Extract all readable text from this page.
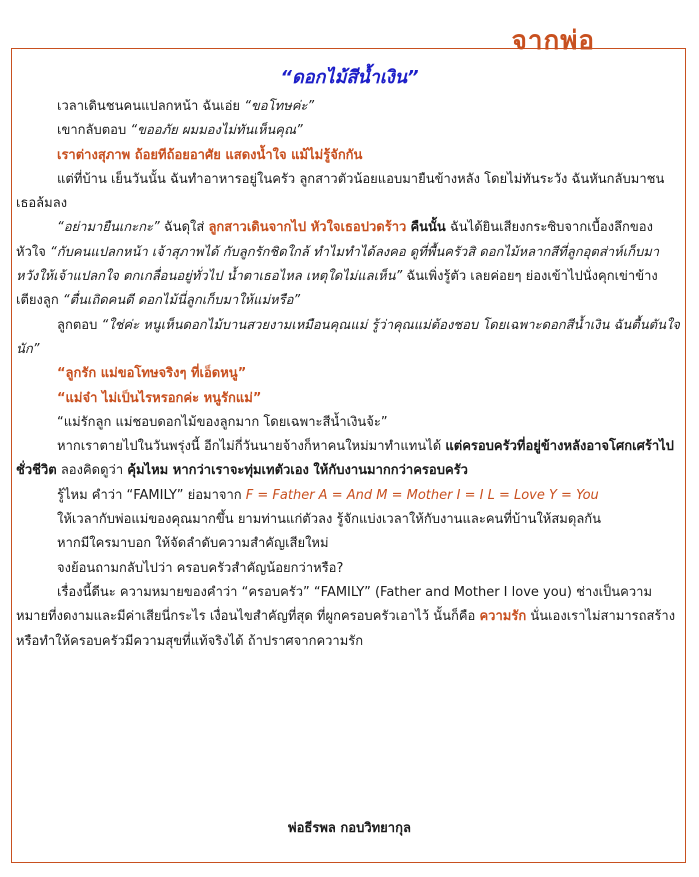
จากพ่อ
“ดอกไม้สีน้ำเงิน”

เวลาเดินชนคนแปลกหน้า ฉันเอ่ย “ขอโทษค่ะ”

เขากลับตอบ “ขออภัย ผมมองไม่ทันเห็นคุณ”

เราต่างสุภาพ ถ้อยทีถ้อยอาศัย แสดงน้ำใจ แม้ไม่รู้จักกัน

แต่ที่บ้าน เย็นวันนั้น ฉันทำอาหารอยู่ในครัว ลูกสาวตัวน้อยแอบมายืนข้างหลัง โดยไม่ทันระวัง ฉันหันกลับมาชนเธอล้มลง

“อย่ามายืนเกะกะ” ฉันดุใส่ ลูกสาวเดินจากไป หัวใจเธอปวดร้าว คืนนั้น ฉันได้ยินเสียงกระซิบจากเบื้องลึกของหัวใจ “กับคนแปลกหน้า เจ้าสุภาพได้ กับลูกรักชิดใกล้ ทำไมทำได้ลงคอ ดูที่พื้นครัวสิ ดอกไม้หลากสีที่ลูกอุตส่าห์เก็บมา หวังให้เจ้าแปลกใจ ตกเกลื่อนอยู่ทั่วไป น้ำตาเธอไหล เหตุใดไม่แลเห็น” ฉันเพิ่งรู้ตัว เลยค่อยๆ ย่องเข้าไปนั่งคุกเข่าข้างเตียงลูก “ตื่นเถิดคนดี ดอกไม้นี่ลูกเก็บมาให้แม่หรือ”

ลูกตอบ “ใช่ค่ะ หนูเห็นดอกไม้บานสวยงามเหมือนคุณแม่ รู้ว่าคุณแม่ต้องชอบ โดยเฉพาะดอกสีน้ำเงิน ฉันตื้นตันใจนัก”

“ลูกรัก แม่ขอโทษจริงๆ ที่เอ็ดหนู”

“แม่จ๋า ไม่เป็นไรหรอกค่ะ หนูรักแม่”

“แม่รักลูก แม่ชอบดอกไม้ของลูกมาก โดยเฉพาะสีน้ำเงินจ้ะ”

หากเราตายไปในวันพรุ่งนี้ อีกไม่กี่วันนายจ้างก็หาคนใหม่มาทำแทนได้ แต่ครอบครัวที่อยู่ข้างหลังอาจโศกเศร้าไปชั่วชีวิต ลองคิดดูว่า คุ้มไหม หากว่าเราจะทุ่มเทตัวเอง ให้กับงานมากกว่าครอบครัว

รู้ไหม คำว่า “FAMILY” ย่อมาจาก F = Father A = And M = Mother I = I L = Love Y = You

ให้เวลากับพ่อแม่ของคุณมากขึ้น ยามท่านแก่ตัวลง รู้จักแบ่งเวลาให้กับงานและคนที่บ้านให้สมดุลกัน

หากมีใครมาบอก ให้จัดลำดับความสำคัญเสียใหม่

จงย้อนถามกลับไปว่า ครอบครัวสำคัญน้อยกว่าหรือ?

เรื่องนี้ดีนะ ความหมายของคำว่า “ครอบครัว” “FAMILY” (Father and Mother I love you) ช่างเป็นความหมายที่งดงามและมีค่าเสียนี่กระไร เงื่อนไขสำคัญที่สุด ที่ผูกครอบครัวเอาไว้ นั้นก็คือ ความรัก นั่นเองเราไม่สามารถสร้าง หรือทำให้ครอบครัวมีความสุขที่แท้จริงได้ ถ้าปราศจากความรัก

พ่อธีรพล กอบวิทยากุล
